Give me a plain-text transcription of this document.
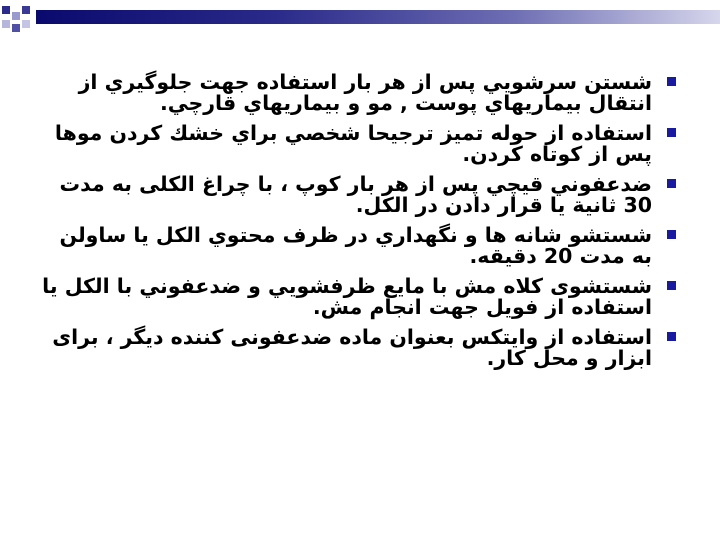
شستن سرشويي پس از هر بار استفاده جهت جلوگيري از انتقال بيماريهاي پوست , مو و بيماريهاي قارچي.
استفاده از حوله تميز ترجيحا شخصي براي خشك كردن موها پس از كوتاه كردن.
ضدعفوني قيچي پس از هر بار كوپ ، با چراغ الكلی به مدت 30 ثانية يا قرار دادن در الكل.
شستشو شانه ها و نگهداري در ظرف محتوي الكل يا ساولن به مدت 20 دقيقه.
شستشوی كلاه مش با مايع ظرفشويي و ضدعفوني با الكل يا استفاده از فويل جهت انجام مش.
استفاده از وايتكس بعنوان ماده ضدعفونی كننده ديگر ، برای ابزار و محل كار.
